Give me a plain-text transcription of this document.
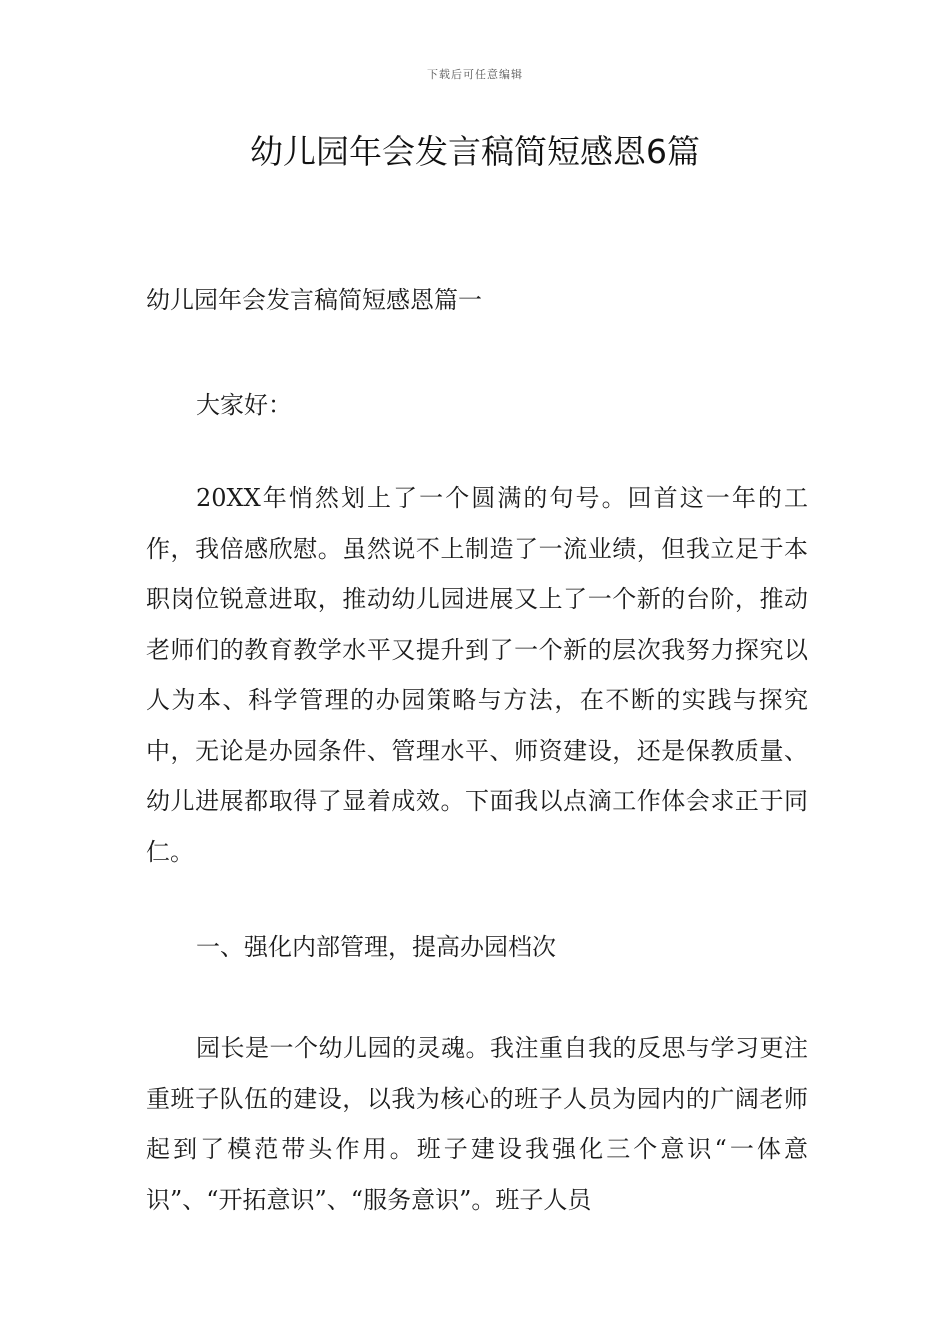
下载后可任意编辑
幼儿园年会发言稿简短感恩6篇

幼儿园年会发言稿简短感恩篇一

大家好：

20XX年悄然划上了一个圆满的句号。回首这一年的工作，我倍感欣慰。虽然说不上制造了一流业绩，但我立足于本职岗位锐意进取，推动幼儿园进展又上了一个新的台阶，推动老师们的教育教学水平又提升到了一个新的层次我努力探究以人为本、科学管理的办园策略与方法，在不断的实践与探究中，无论是办园条件、管理水平、师资建设，还是保教质量、幼儿进展都取得了显着成效。下面我以点滴工作体会求正于同仁。

一、强化内部管理，提高办园档次

园长是一个幼儿园的灵魂。我注重自我的反思与学习更注重班子队伍的建设，以我为核心的班子人员为园内的广阔老师起到了模范带头作用。班子建设我强化三个意识“一体意识”、“开拓意识”、“服务意识”。班子人员
